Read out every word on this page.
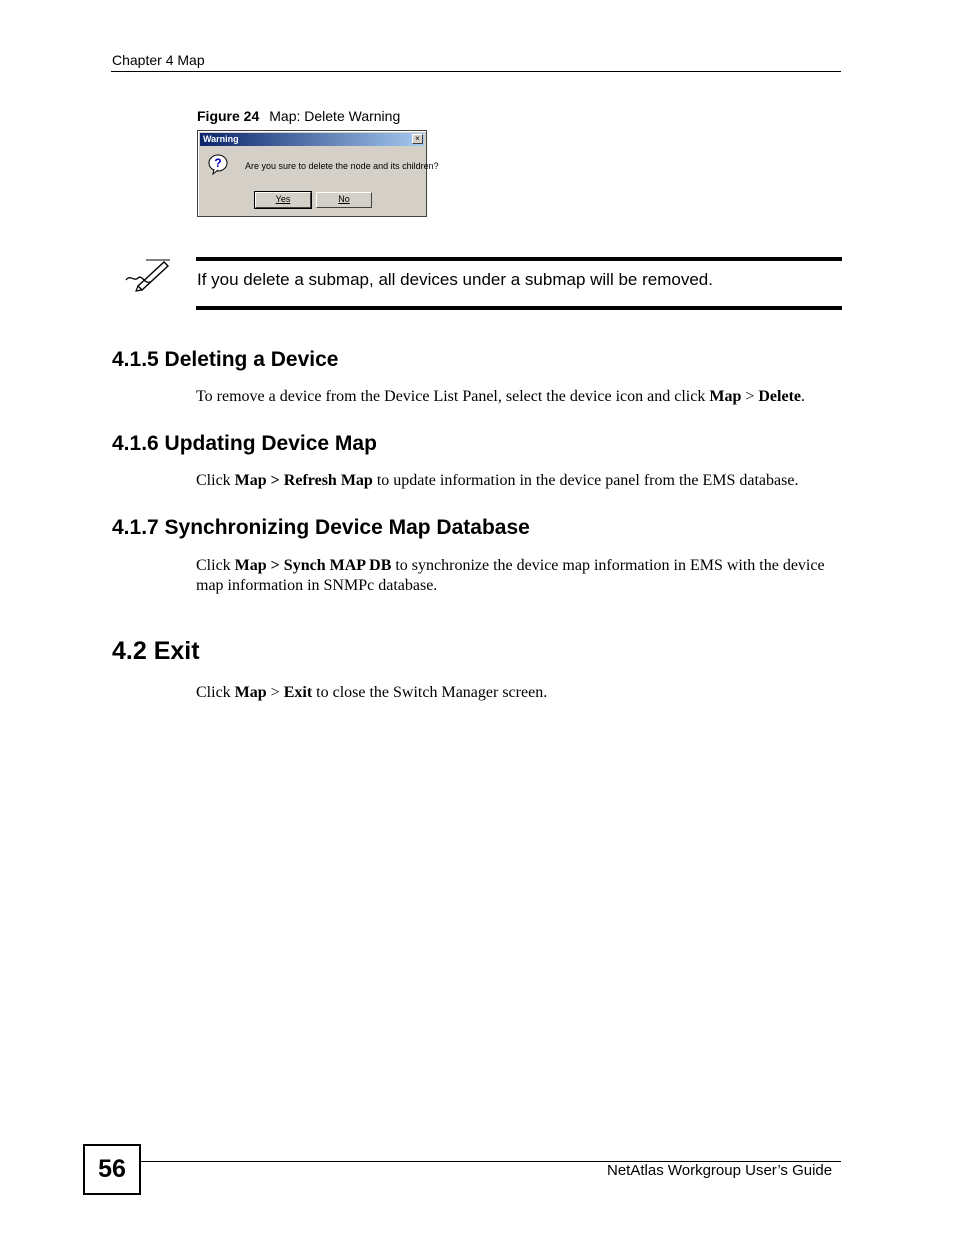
Chapter 4 Map
Figure 24 Map: Delete Warning
Warning	×
?	Are you sure to delete the node and its children?
Yes	No
If you delete a submap, all devices under a submap will be removed.
4.1.5 Deleting a Device
To remove a device from the Device List Panel, select the device icon and click Map > Delete.
4.1.6 Updating Device Map
Click Map > Refresh Map to update information in the device panel from the EMS database.
4.1.7 Synchronizing Device Map Database
Click Map > Synch MAP DB to synchronize the device map information in EMS with the device map information in SNMPc database.
4.2 Exit
Click Map > Exit to close the Switch Manager screen.
56	NetAtlas Workgroup User’s Guide
